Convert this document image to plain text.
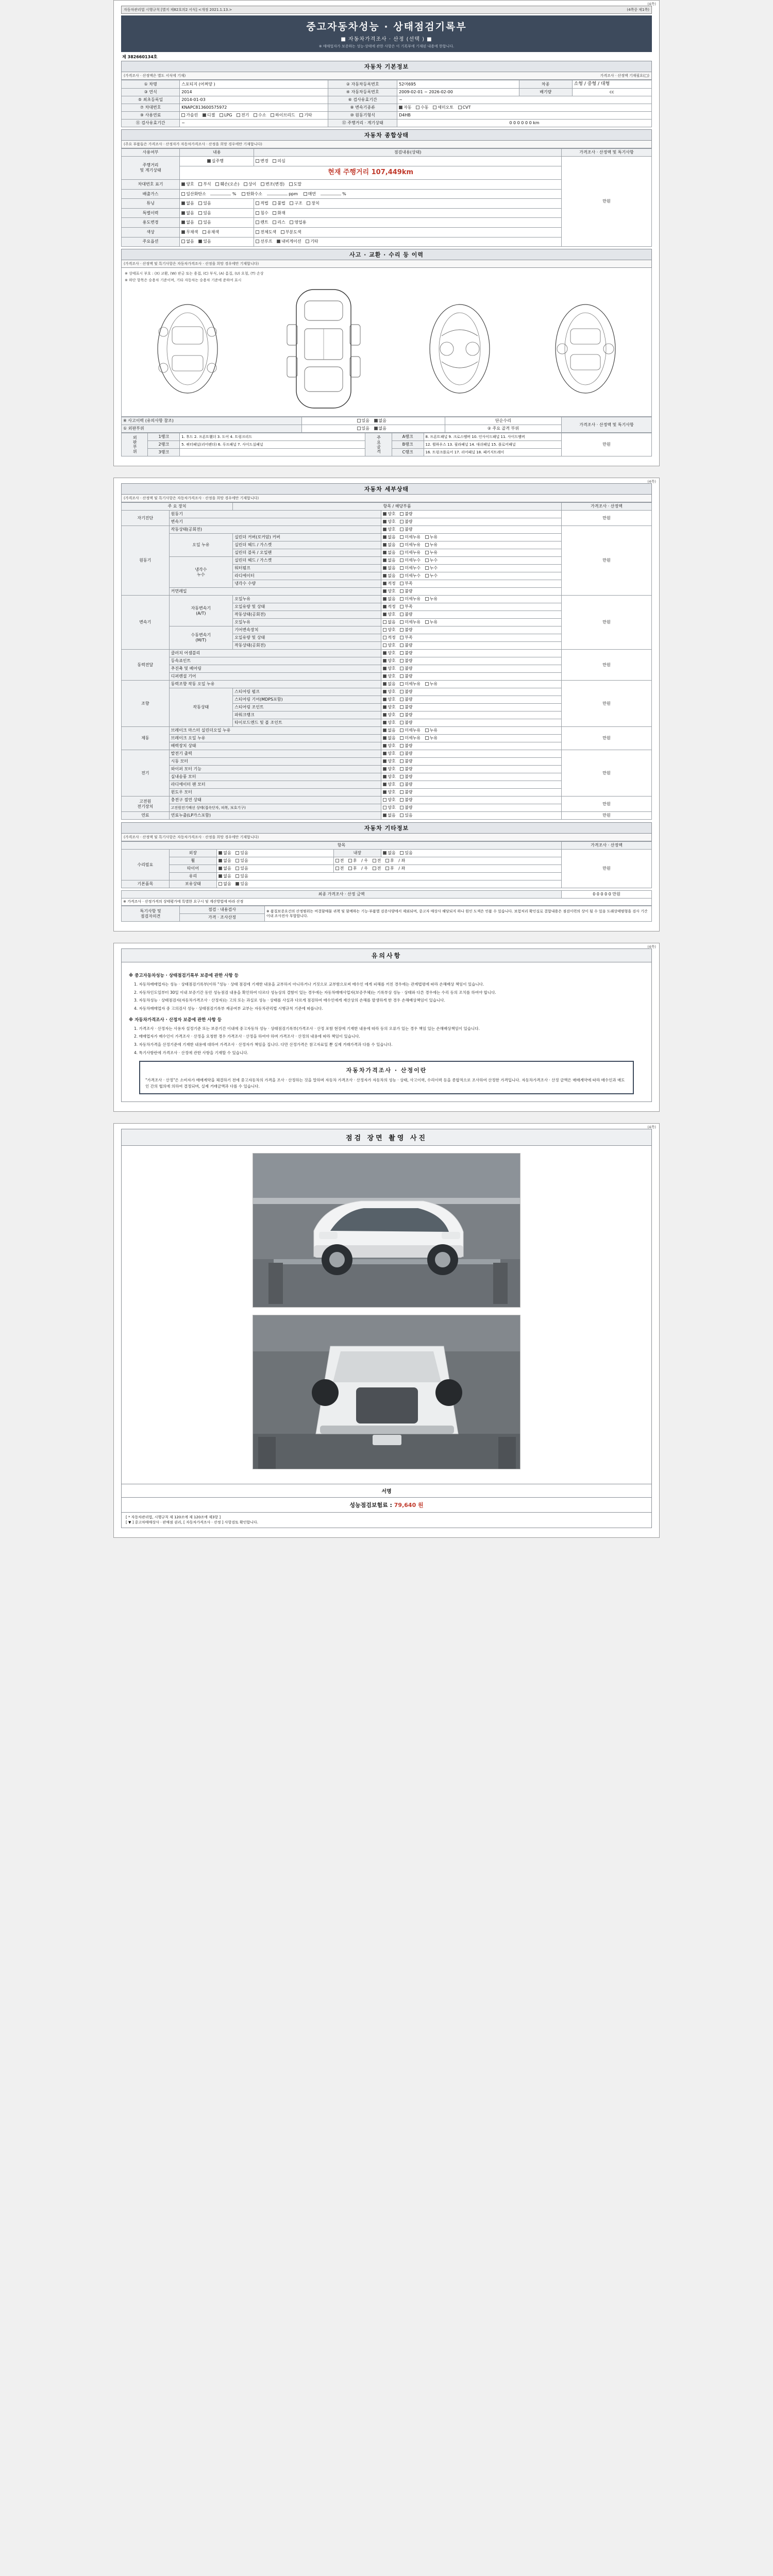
(4쪽)
자동차관리법 시행규칙 [별지 제82호의2 서식] <개정 2021.1.13.>	(4쪽중 제1쪽)
중고자동차성능 · 상태점검기록부
■ 자동차가격조사 · 산정 (선택 ) ■
※ 매매업자가 보증하는 성능·상태에 관한 사항은 이 기록부에 기재된 내용에 한합니다.
제 382660134호
자동차 기본정보
(가격조사 · 산정액은 별도 서식에 기재)	가격조사 · 산정액 기재필요(□)
① 차명	스포티지 (어쩌양 )	② 자동차등록번호	52머695	차종	소형 / 중형 / 대형
③ 연식	2014	④ 자동차등록번호	2009-02-01 ~ 2026-02-00	배기량	cc
⑤ 최초등록일	2014-01-03	⑥ 검사유효기간	~		
⑦ 차대번호	KNAPC813600575972	⑧ 변속기종류	자동 수동 세미오토 CVT		
⑨ 사용연료	가솔린 디젤 LPG 전기 수소 하이브리드 기타	⑩ 원동기형식	D4HB		
⑪ 검사유효기간	~	⑫ 주행거리 · 계기상태	0 0 0 0 0 0 km		
자동차 종합상태
(주요 부품들은 가격조사 · 산정자가 자동차가격조사 · 산정을 희망 경우에만 기재합니다)
사용여부	내용	점검내용(상태)	가격조사 · 산정액 및 특기사항
주행거리
및 계기상태	실주행	변경 의심	만원

	현재 주행거리 107,449km		
차대번호 표기	양호 부식 훼손(오손) 상이 변조(변경) 도말		
배출가스	일산화탄소 % 탄화수소 ppm 매연 %		
튜닝	없음 있음	적법 불법 구조 장치	
특별이력	없음 있음	침수 화재	
용도변경	없음 있음	렌트 리스 영업용	
색상	무채색 유채색	전체도색 부분도색	
주요옵션	없음 있음	선루프 내비게이션 기타	
사고 · 교환 · 수리 등 이력
(가격조사 · 산정액 및 특기사항은 자동차가격조사 · 산정을 희망 경우에만 기재합니다)
※ 상태표시 부호 : (X) 교환, (W) 판금 또는 용접, (C) 부식, (A) 흠집, (U) 요철, (T) 손상
※ 하단 항목은 승용차 기준이며, 기타 자동차는 승용차 기준에 준하여 표시
※ 사고이력 (유의사항 참조)	있음 없음	단순수리	가격조사 · 산정액 및 특기사항
① 외판부위	있음 없음	② 주요 골격 부위	
외판부위	1랭크	1. 후드 2. 프론트휀더 3. 도어 4. 트렁크리드	주요골격	A랭크	8. 프론트패널 9. 크로스멤버 10. 인사이드패널 11. 사이드멤버	만원
	2랭크	5. 쿼터패널(리어펜더) 6. 루프패널 7. 사이드실패널		B랭크	12. 휠하우스 13. 필라패널 14. 대쉬패널 15. 플로어패널	
	3랭크			C랭크	16. 트렁크플로어 17. 리어패널 18. 패키지트레이	
(4쪽)
자동차 세부상태
(가격조사 · 산정액 및 특기사항은 자동차가격조사 · 산정을 희망 경우에만 기재합니다)
주 요 장치		항목 / 해당부품		가격조사 · 산정액
자기진단	원동기		양호 불량	만원
	변속기		양호 불량	
원동기	작동상태(공회전)		양호 불량	만원
	오일 누유	실린더 커버(로커암) 커버	없음 미세누유 누유	
		실린더 헤드 / 가스켓	없음 미세누유 누유	
		실린더 블록 / 오일팬	없음 미세누유 누유	
	냉각수
누수	실린더 헤드 / 가스켓	없음 미세누수 누수	
		워터펌프	없음 미세누수 누수	
		라디에이터	없음 미세누수 누수	
		냉각수 수량	적정 부족	
	커먼레일		양호 불량	
변속기	자동변속기
(A/T)	오일누유	없음 미세누유 누유	만원
		오일유량 및 상태	적정 부족	
		작동상태(공회전)	양호 불량	
		오일누유	없음 미세누유 누유	
	수동변속기
(M/T)	기어변속장치	양호 불량	
		오일유량 및 상태	적정 부족	
		작동상태(공회전)	양호 불량	
동력전달	클러치 어셈블리		양호 불량	만원
	등속죠인트		양호 불량	
	추진축 및 베어링		양호 불량	
	디퍼렌셜 기어		양호 불량	
조향	동력조향 작동 오일 누유		없음 미세누유 누유	만원
	작동상태	스티어링 펌프	양호 불량	
		스티어링 기어(MDPS포함)	양호 불량	
		스티어링 조인트	양호 불량	
		파워크랭크	양호 불량	
		타이로드엔드 및 볼 조인트	양호 불량	
제동	브레이크 마스터 실린더오일 누유		없음 미세누유 누유	만원
	브레이크 오일 누유		없음 미세누유 누유	
	배력장치 상태		양호 불량	
전기	발전기 출력		양호 불량	만원
	시동 모터		양호 불량	
	와이퍼 모터 기능		양호 불량	
	실내송풍 모터		양호 불량	
	라디에이터 팬 모터		양호 불량	
	윈도우 모터		양호 불량	
고전원
전기장치	충전구 절연 상태		양호 불량	만원
	고전원전기배선 상태(접속단자, 피복, 보호기구)		양호 불량	
연료	연료누출(LP가스포함)		없음 있음	만원
자동차 기타정보
(가격조사 · 산정액 및 특기사항은 자동차가격조사 · 산정을 희망 경우에만 기재합니다)
항목					가격조사 · 산정액
수리필요	외장	없음 있음	내장	없음 있음	만원
	휠	없음 있음	전 후 / 우 전 후 / 좌		
	타이어	없음 있음	전 후 / 우 전 후 / 좌		
	유리	없음 있음			
기본품목	보유상태	없음 있음			
최종 가격조사 · 산정 금액	0 0 0 0 0 만원
※ 가격조사 · 산정가격의 상태평가에 특별한 요구시 및 계산방법에 따라 산정
특기사항 및
점검자의견	점검 · 내용검사	※ 품질보증요건의 산정범위는 비결함매물 귀책 및 함께하는 기능·부품별 검증사양에서 제외되며, 중고자 매상사 해당되지 하나 원인 도색은 인품 수 있습니다. 보험처리 확인실로 결합내용은 점검이력의 상이 될 수 있음 도래상태범형을 검사 기간이내 조사전사 부합합니다.
가격 · 조사산정
(4쪽)
유의사항
※ 중고자동차성능 · 상태점검기록부 보증에 관한 사항 등

1. 자동차매매업자는 성능 · 상태점검기록부(이하 "성능 · 상태 점검에 기재한 내용을 교부하지 아니하거나 거짓으로 교부함으로써 매수인 에게 피해를 끼친 경우에는 관계법령에 따라 손해배상 책임이 있습니다.

2. 자동차인도일부터 30일 이내 보증기간 동안 성능점검 내용을 확인하여 다르다 성능상의 결함이 있는 경우에는 자동차매매사업자(보증주체)는 기록부상 성능 · 상태와 다른 경우에는 수리 등의 조치를 하여야 합니다.

3. 자동차성능 · 상태점검자(자동차가격조사 · 산정자)는 고의 또는 과실로 성능 · 상태를 사실과 다르게 점검하여 매수인에게 재산상의 손해를 발생하게 한 경우 손해배상책임이 있습니다.

4. 자동차매매업자 중 고의검사 성능 · 상태점검기록부 제공여부 교부는 자동차관리법 시행규칙 기준에 따릅니다.

※ 자동차가격조사 · 산정자 보증에 관한 사항 등

1. 가격조사 · 산정자는 사용자 설정기준 또는 보증기간 이내에 중고자동차 성능 · 상태점검기록부(가격조사 · 산정 포함 현장에 기재한 내용에 따라 등의 오류가 있는 경우 책임 있는 손해배상책임이 있습니다.

2. 매매업자가 매수인이 가격조사 · 산정을 요청한 경우 가격조사 · 산정을 하여야 하며 가격조사 · 산정의 내용에 따라 책임이 있습니다.

3. 자동차가격을 산정기준에 기재한 내용에 대하여 가격조사 · 산정자가 책임을 집니다. 다만 산정가격은 참고자료일 뿐 실제 거래가격과 다를 수 있습니다.

4. 특기사항란에 가격조사 · 산정에 관한 사항을 기재할 수 있습니다.

자동차가격조사 · 산정이란
"가격조사 · 산정"은 소비자가 매매계약을 체결하기 전에 중고자동차의 가격을 조사 · 산정하는 것을 말하며 자동차 가격조사 · 산정자가 자동차의 성능 · 상태, 사고이력, 수리이력 등을 종합적으로 조사하여 산정한 가격입니다. 자동차가격조사 · 산정 금액은 매매계약에 따라 매수인과 매도인 간의 협의에 의하여 결정되며, 실제 거래금액과 다를 수 있습니다.
(4쪽)
점검 장면 촬영 사진
서명
성능점검보험료 : 79,640 원
[ * 자동차관리법, 시행규칙 제 120조에 제 120조에 제3항 ]
[ ▼ ] 중고차매매상사 · 판매점 권리, [ 자동차가격조사 · 산정 ] 사항검토 확인합니다.
